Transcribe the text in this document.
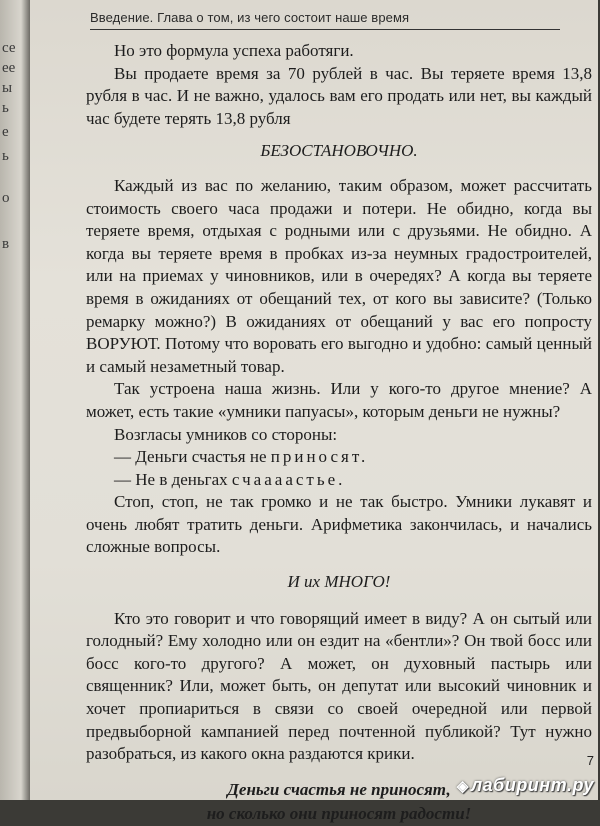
се
ее
ы
ь
е
ь
о
в
Введение. Глава о том, из чего состоит наше время

Но это формула успеха работяги.

Вы продаете время за 70 рублей в час. Вы теряете время 13,8 рубля в час. И не важно, удалось вам его продать или нет, вы каждый час будете терять 13,8 рубля

БЕЗОСТАНОВОЧНО.

Каждый из вас по желанию, таким образом, может рассчитать стоимость своего часа продажи и потери. Не обидно, когда вы теряете время, отдыхая с родными или с друзьями. Не обидно. А когда вы теряете время в пробках из-за неумных градостроителей, или на приемах у чиновников, или в очередях? А когда вы теряете время в ожиданиях от обещаний тех, от кого вы зависите? (Только ремарку можно?) В ожиданиях от обещаний у вас его попросту ВОРУЮТ. Потому что воровать его выгодно и удобно: самый ценный и самый незаметный товар.

Так устроена наша жизнь. Или у кого-то другое мнение? А может, есть такие «умники папуасы», которым деньги не нужны?

Возгласы умников со стороны:

— Деньги счастья не приносят.

— Не в деньгах счаааастье.

Стоп, стоп, не так громко и не так быстро. Умники лукавят и очень любят тратить деньги. Арифметика закончилась, и начались сложные вопросы.

И их МНОГО!

Кто это говорит и что говорящий имеет в виду? А он сытый или голодный? Ему холодно или он ездит на «бентли»? Он твой босс или босс кого-то другого? А может, он духовный пастырь или священник? Или, может быть, он депутат или высокий чиновник и хочет пропиариться в связи со своей очередной или первой предвыборной кампанией перед почтенной публикой? Тут нужно разобраться, из какого окна раздаются крики.

Деньги счастья не приносят,
но сколько они приносят радости!

7
◈ лабиринт.ру
